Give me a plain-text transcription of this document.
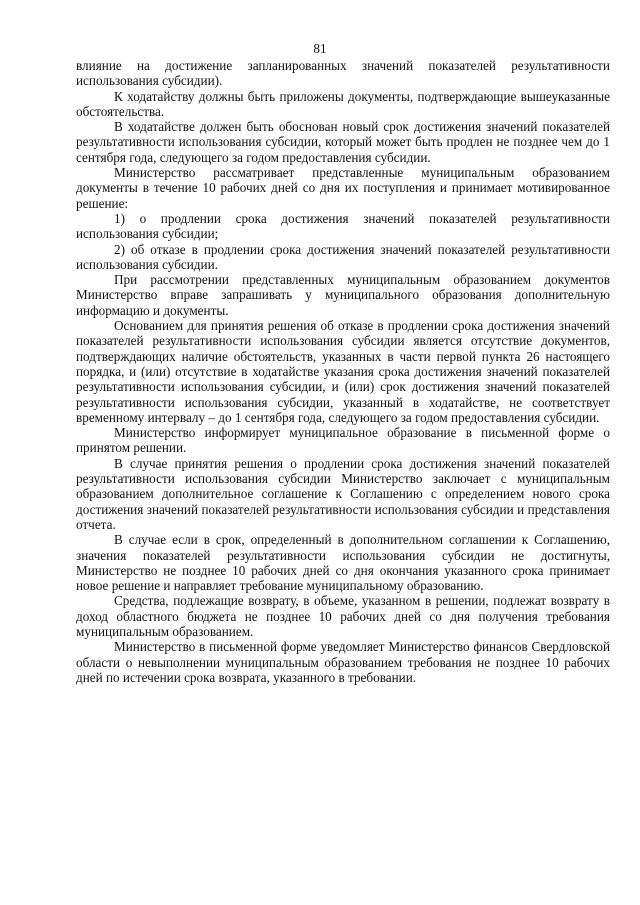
81

влияние на достижение запланированных значений показателей результативности использования субсидии).

К ходатайству должны быть приложены документы, подтверждающие вышеуказанные обстоятельства.

В ходатайстве должен быть обоснован новый срок достижения значений показателей результативности использования субсидии, который может быть продлен не позднее чем до 1 сентября года, следующего за годом предоставления субсидии.

Министерство рассматривает представленные муниципальным образованием документы в течение 10 рабочих дней со дня их поступления и принимает мотивированное решение:

1) о продлении срока достижения значений показателей результативности использования субсидии;

2) об отказе в продлении срока достижения значений показателей результативности использования субсидии.

При рассмотрении представленных муниципальным образованием документов Министерство вправе запрашивать у муниципального образования дополнительную информацию и документы.

Основанием для принятия решения об отказе в продлении срока достижения значений показателей результативности использования субсидии является отсутствие документов, подтверждающих наличие обстоятельств, указанных в части первой пункта 26 настоящего порядка, и (или) отсутствие в ходатайстве указания срока достижения значений показателей результативности использования субсидии, и (или) срок достижения значений показателей результативности использования субсидии, указанный в ходатайстве, не соответствует временному интервалу – до 1 сентября года, следующего за годом предоставления субсидии.

Министерство информирует муниципальное образование в письменной форме о принятом решении.

В случае принятия решения о продлении срока достижения значений показателей результативности использования субсидии Министерство заключает с муниципальным образованием дополнительное соглашение к Соглашению с определением нового срока достижения значений показателей результативности использования субсидии и представления отчета.

В случае если в срок, определенный в дополнительном соглашении к Соглашению, значения показателей результативности использования субсидии не достигнуты, Министерство не позднее 10 рабочих дней со дня окончания указанного срока принимает новое решение и направляет требование муниципальному образованию.

Средства, подлежащие возврату, в объеме, указанном в решении, подлежат возврату в доход областного бюджета не позднее 10 рабочих дней со дня получения требования муниципальным образованием.

Министерство в письменной форме уведомляет Министерство финансов Свердловской области о невыполнении муниципальным образованием требования не позднее 10 рабочих дней по истечении срока возврата, указанного в требовании.
